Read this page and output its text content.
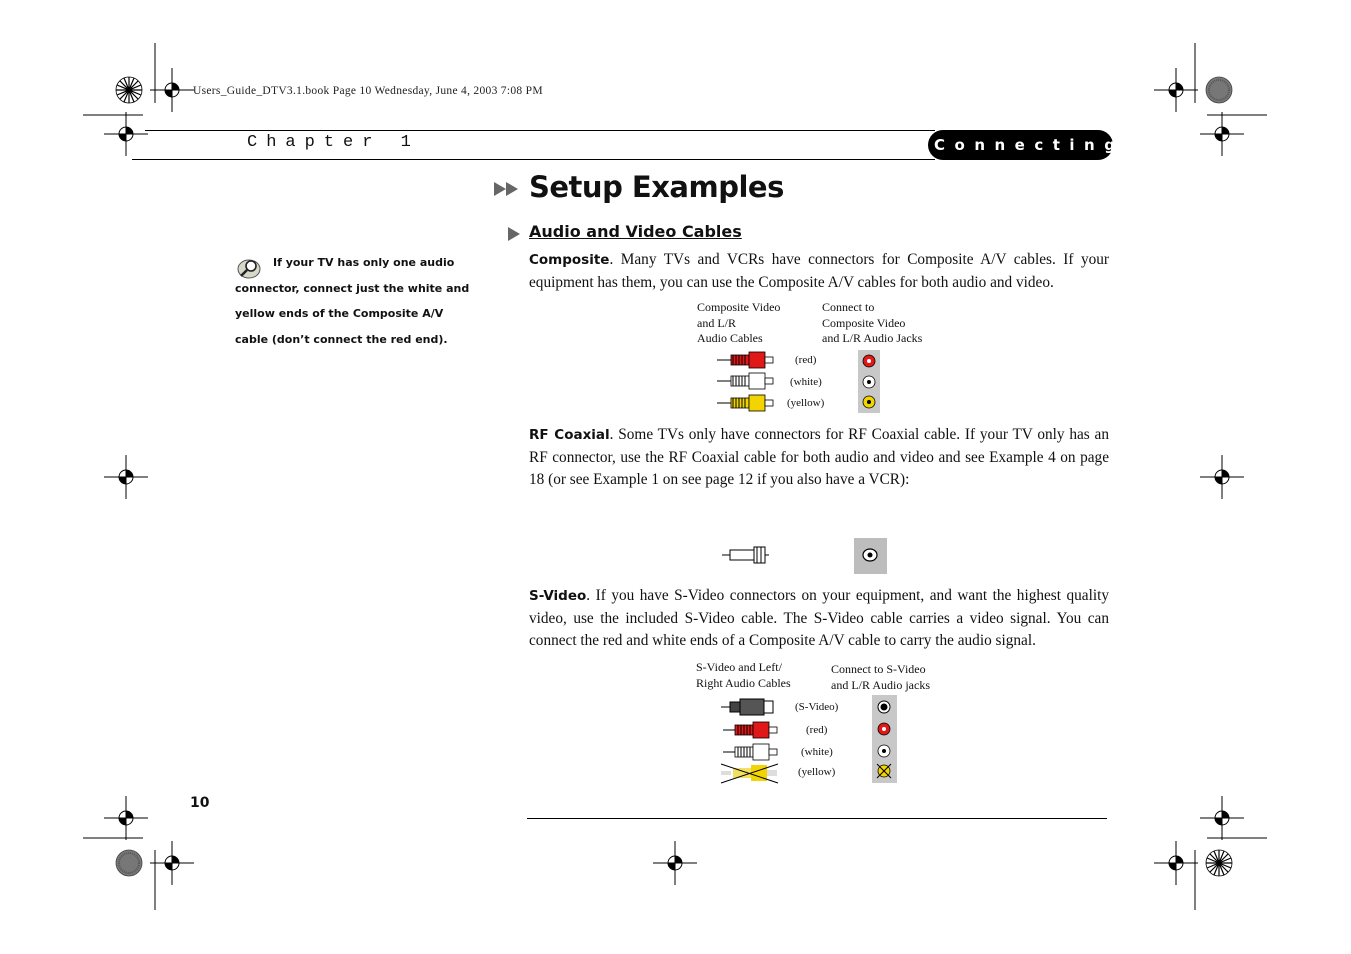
Users_Guide_DTV3.1.book Page 10 Wednesday, June 4, 2003 7:08 PM
Chapter 1	Connecting
Setup Examples
Audio and Video Cables
If your TV has only one audio connector, connect just the white and yellow ends of the Composite A/V cable (don’t connect the red end).
Composite. Many TVs and VCRs have connectors for Composite A/V cables. If your equipment has them, you can use the Composite A/V cables for both audio and video.
Composite Video
and L/R
Audio Cables
Connect to
Composite Video
and L/R Audio Jacks
(red)
(white)
(yellow)
RF Coaxial. Some TVs only have connectors for RF Coaxial cable. If your TV only has an RF connector, use the RF Coaxial cable for both audio and video and see Example 4 on page 18 (or see Example 1 on see page 12 if you also have a VCR):
S-Video. If you have S-Video connectors on your equipment, and want the highest quality video, use the included S-Video cable. The S-Video cable carries a video signal. You can connect the red and white ends of a Composite A/V cable to carry the audio signal.
S-Video and Left/
Right Audio Cables
Connect to S-Video
and L/R Audio jacks
(S-Video)
(red)
(white)
(yellow)
10
